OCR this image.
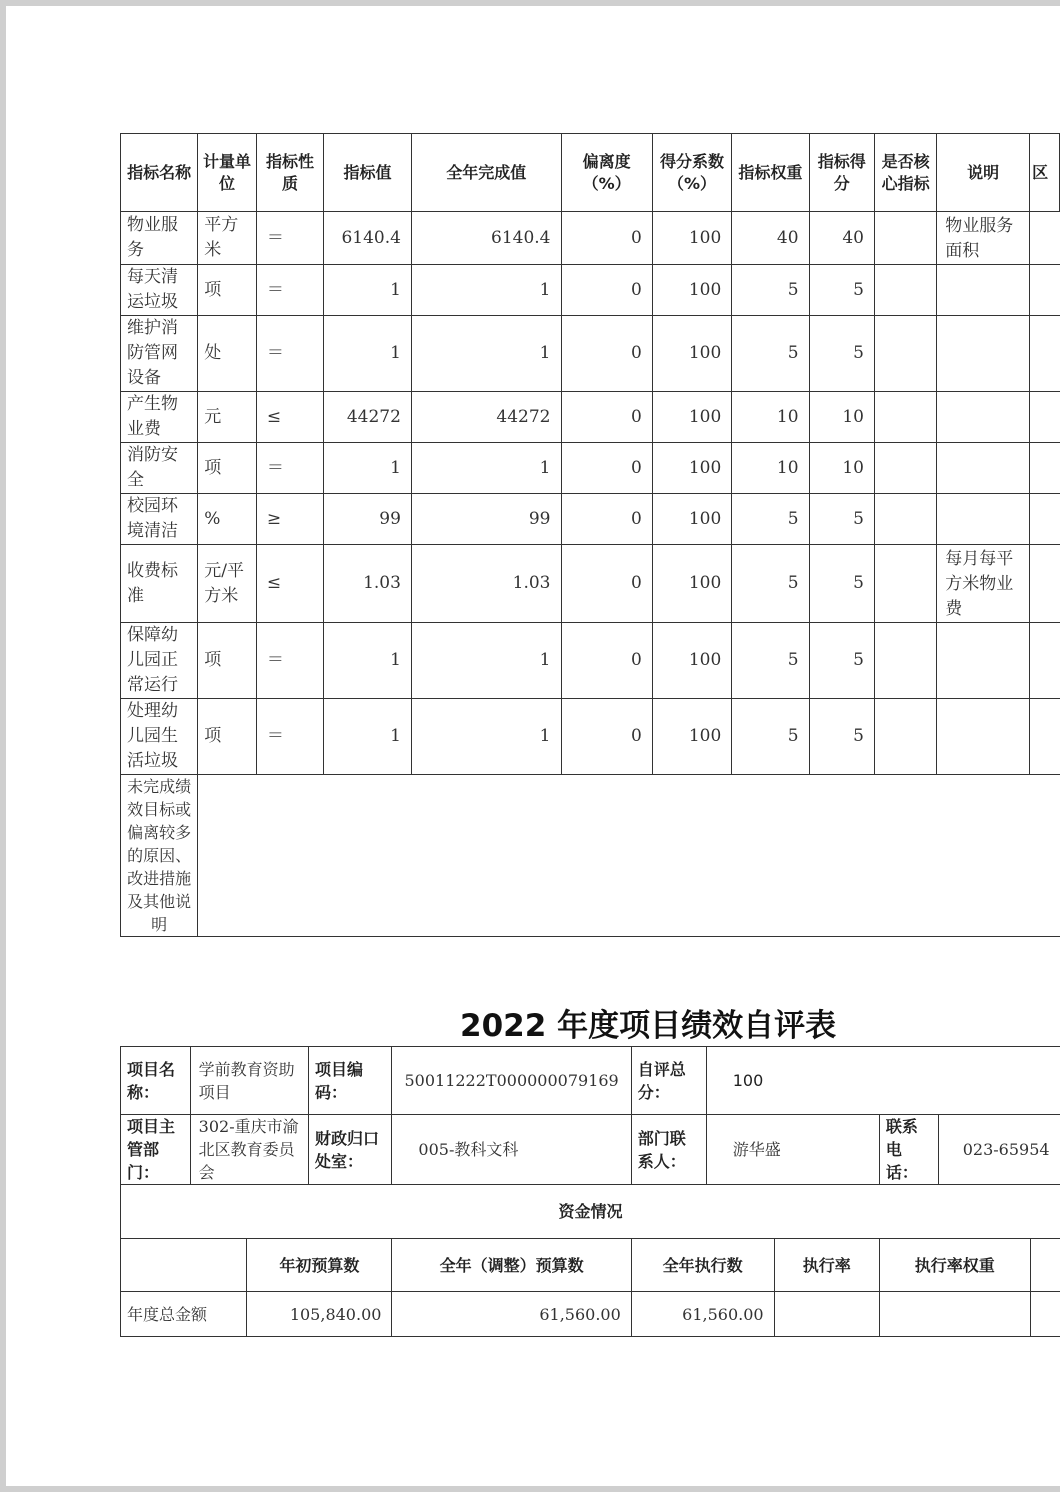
指标名称	计量单位	指标性质	指标值	全年完成值	偏离度（%）	得分系数（%）	指标权重	指标得分	是否核心指标	说明	区
物业服务	平方米	＝	6140.4	6140.4	0	100	40	40		物业服务面积	
每天清运垃圾	项	＝	1	1	0	100	5	5			
维护消防管网设备	处	＝	1	1	0	100	5	5			
产生物业费	元	≤	44272	44272	0	100	10	10			
消防安全	项	＝	1	1	0	100	10	10			
校园环境清洁	%	≥	99	99	0	100	5	5			
收费标准	元/平方米	≤	1.03	1.03	0	100	5	5		每月每平方米物业费	
保障幼儿园正常运行	项	＝	1	1	0	100	5	5			
处理幼儿园生活垃圾	项	＝	1	1	0	100	5	5			
未完成绩效目标或偏离较多的原因、改进措施及其他说明											
2022 年度项目绩效自评表
项目名称：	学前教育资助项目		项目编码：	50011222T000000079169	自评总分：	100				
项目主管部门：	302-重庆市渝北区教育委员会		财政归口处室：	005-教科文科	部门联系人：	游华盛		联系电话：	023-65954	
资金情况										
		年初预算数		全年（调整）预算数	全年执行数		执行率	执行率权重		
年度总金额		105,840.00		61,560.00	61,560.00					
